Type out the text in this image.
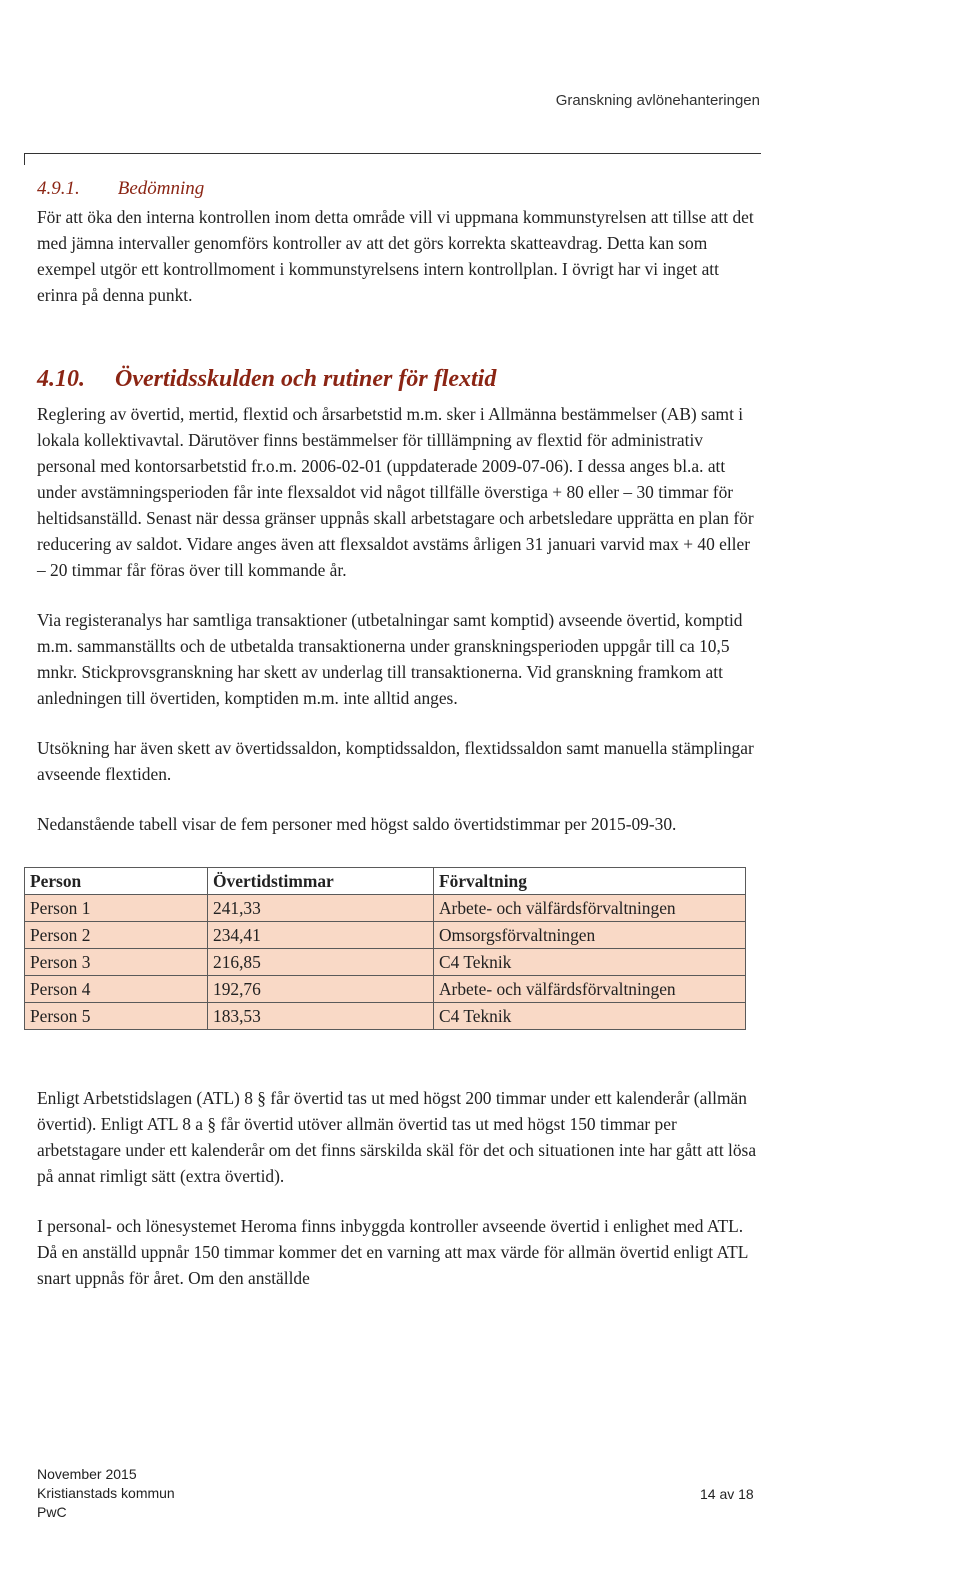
Granskning avlönehanteringen
4.9.1. Bedömning

För att öka den interna kontrollen inom detta område vill vi uppmana kommunstyrelsen att tillse att det med jämna intervaller genomförs kontroller av att det görs korrekta skatteavdrag. Detta kan som exempel utgör ett kontrollmoment i kommunstyrelsens intern kontrollplan. I övrigt har vi inget att erinra på denna punkt.

4.10. Övertidsskulden och rutiner för flextid

Reglering av övertid, mertid, flextid och årsarbetstid m.m. sker i Allmänna bestämmelser (AB) samt i lokala kollektivavtal. Därutöver finns bestämmelser för tilllämpning av flextid för administrativ personal med kontorsarbetstid fr.o.m. 2006-02-01 (uppdaterade 2009-07-06). I dessa anges bl.a. att under avstämningsperioden får inte flexsaldot vid något tillfälle överstiga + 80 eller – 30 timmar för heltidsanställd. Senast när dessa gränser uppnås skall arbetstagare och arbetsledare upprätta en plan för reducering av saldot. Vidare anges även att flexsaldot avstäms årligen 31 januari varvid max + 40 eller – 20 timmar får föras över till kommande år.

Via registeranalys har samtliga transaktioner (utbetalningar samt komptid) avseende övertid, komptid m.m. sammanställts och de utbetalda transaktionerna under granskningsperioden uppgår till ca 10,5 mnkr. Stickprovsgranskning har skett av underlag till transaktionerna. Vid granskning framkom att anledningen till övertiden, komptiden m.m. inte alltid anges.

Utsökning har även skett av övertidssaldon, komptidssaldon, flextidssaldon samt manuella stämplingar avseende flextiden.

Nedanstående tabell visar de fem personer med högst saldo övertidstimmar per 2015-09-30.

Person	Övertidstimmar	Förvaltning
Person 1	241,33	Arbete- och välfärdsförvaltningen
Person 2	234,41	Omsorgsförvaltningen
Person 3	216,85	C4 Teknik
Person 4	192,76	Arbete- och välfärdsförvaltningen
Person 5	183,53	C4 Teknik

Enligt Arbetstidslagen (ATL) 8 § får övertid tas ut med högst 200 timmar under ett kalenderår (allmän övertid). Enligt ATL 8 a § får övertid utöver allmän övertid tas ut med högst 150 timmar per arbetstagare under ett kalenderår om det finns särskilda skäl för det och situationen inte har gått att lösa på annat rimligt sätt (extra övertid).

I personal- och lönesystemet Heroma finns inbyggda kontroller avseende övertid i enlighet med ATL. Då en anställd uppnår 150 timmar kommer det en varning att max värde för allmän övertid enligt ATL snart uppnås för året. Om den anställde

November 2015
Kristianstads kommun
PwC
14 av 18
